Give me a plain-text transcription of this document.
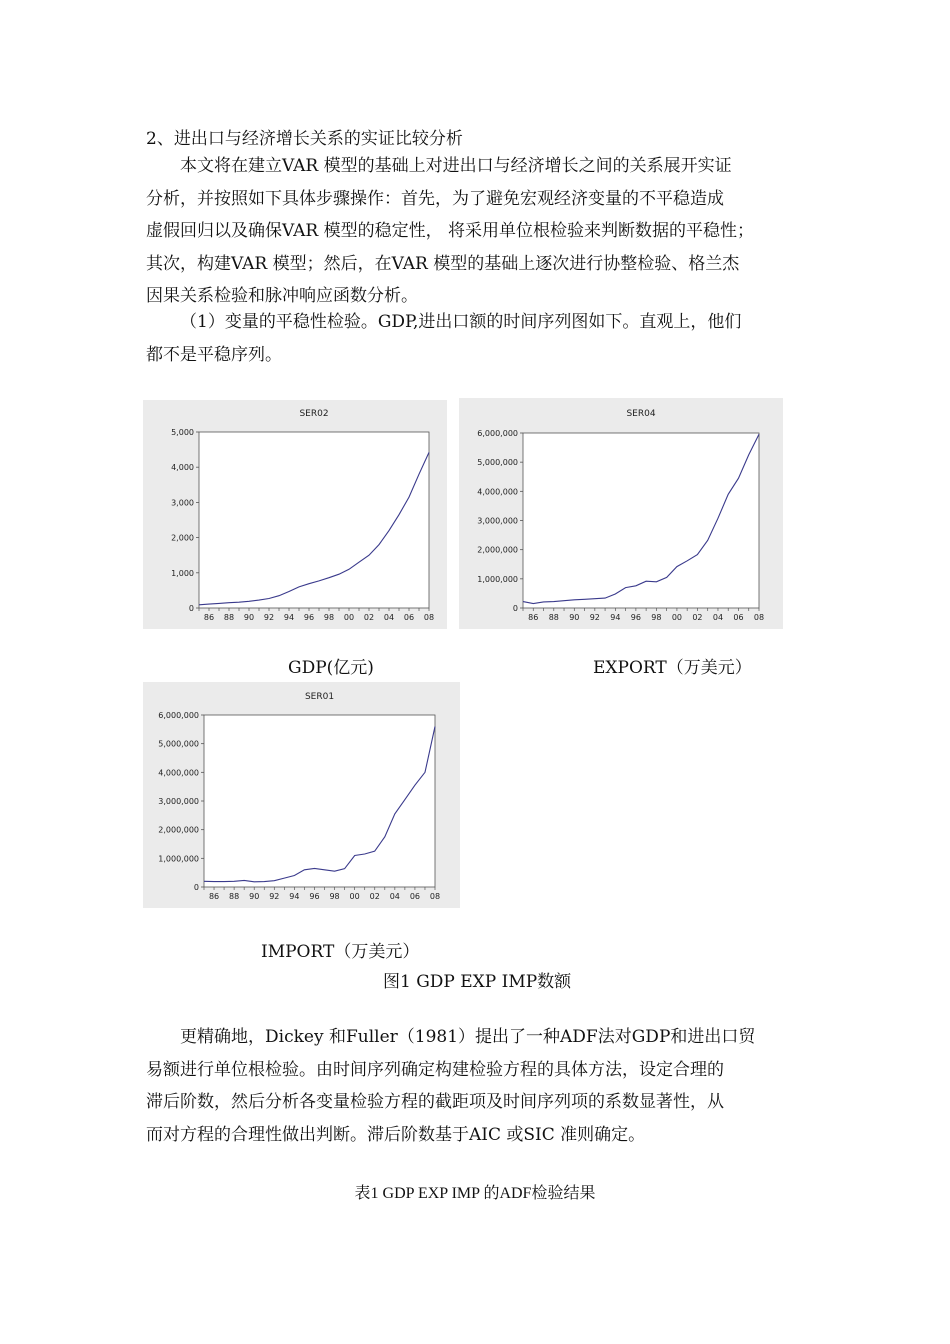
2、进出口与经济增长关系的实证比较分析

本文将在建立VAR 模型的基础上对进出口与经济增长之间的关系展开实证
分析，并按照如下具体步骤操作：首先，为了避免宏观经济变量的不平稳造成
虚假回归以及确保VAR 模型的稳定性， 将采用单位根检验来判断数据的平稳性；
其次，构建VAR 模型；然后，在VAR 模型的基础上逐次进行协整检验、格兰杰
因果关系检验和脉冲响应函数分析。

（1）变量的平稳性检验。GDP,进出口额的时间序列图如下。直观上，他们
都不是平稳序列。

SER02
0
1,000
2,000
3,000
4,000
5,000
86 88 90 92 94 96 98 00 02 04 06 08
SER04
0
1,000,000
2,000,000
3,000,000
4,000,000
5,000,000
6,000,000
86 88 90 92 94 96 98 00 02 04 06 08
SER01
0
1,000,000
2,000,000
3,000,000
4,000,000
5,000,000
6,000,000
86 88 90 92 94 96 98 00 02 04 06 08
GDP(亿元)	EXPORT（万美元）
IMPORT（万美元）
图1 GDP EXP IMP数额

更精确地，Dickey 和Fuller（1981）提出了一种ADF法对GDP和进出口贸
易额进行单位根检验。由时间序列确定构建检验方程的具体方法，设定合理的
滞后阶数，然后分析各变量检验方程的截距项及时间序列项的系数显著性，从
而对方程的合理性做出判断。滞后阶数基于AIC 或SIC 准则确定。

表1 GDP EXP IMP 的ADF检验结果
